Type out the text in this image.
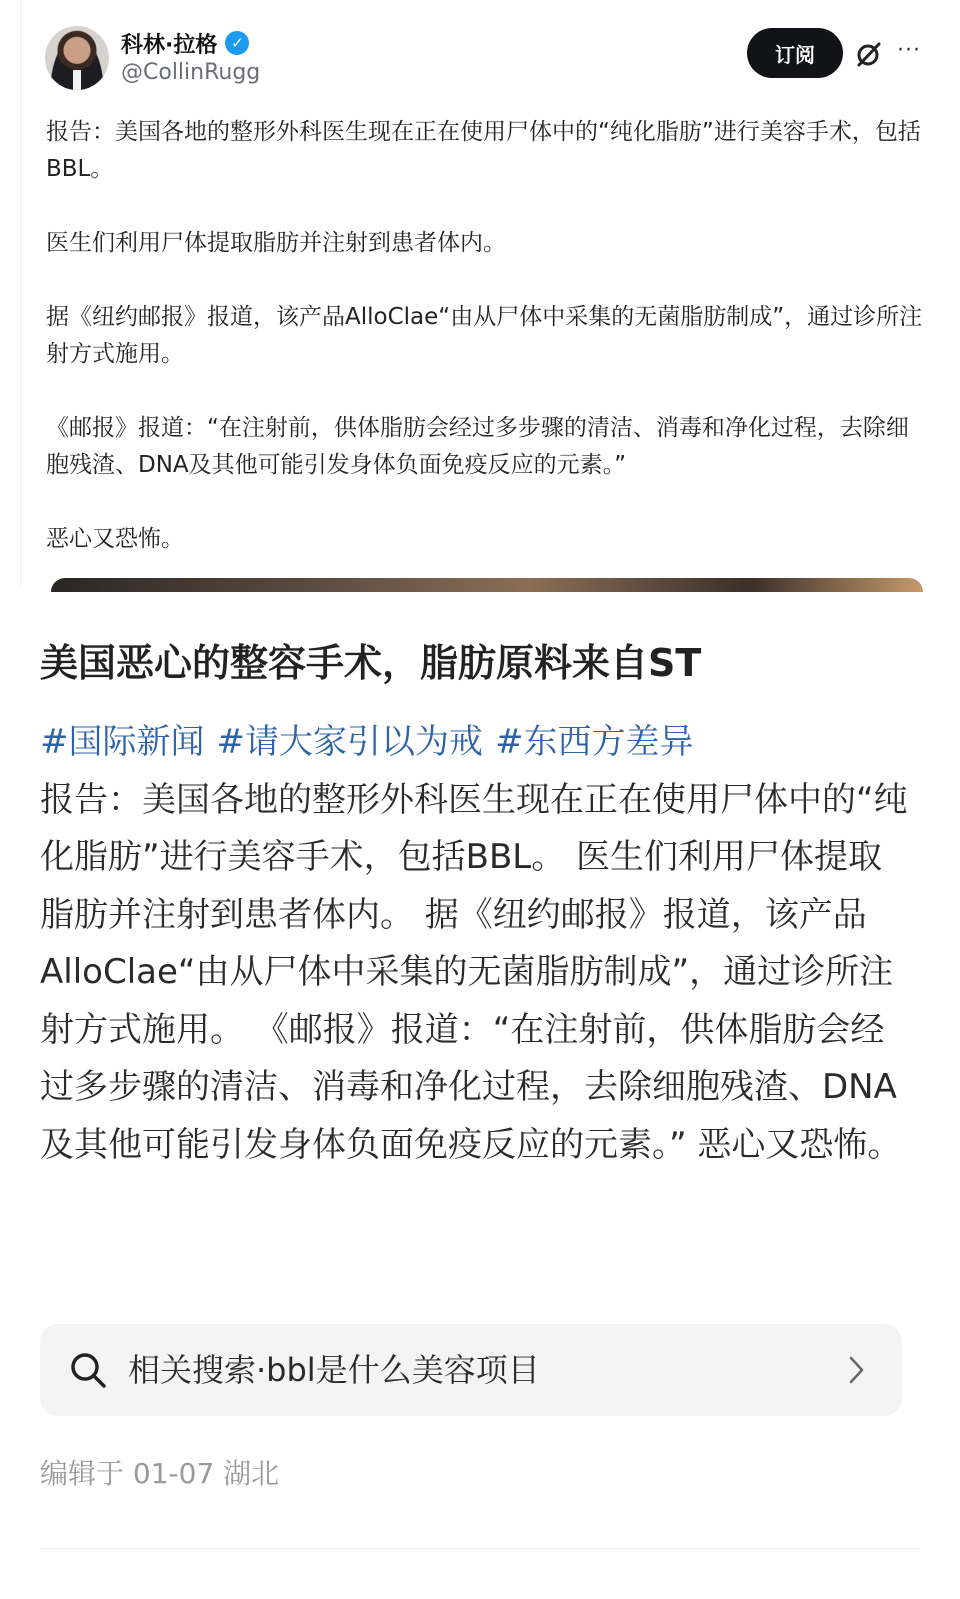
科林·拉格 ✓
@CollinRugg
订阅	···

报告：美国各地的整形外科医生现在正在使用尸体中的“纯化脂肪”进行美容手术，包括BBL。

医生们利用尸体提取脂肪并注射到患者体内。

据《纽约邮报》报道，该产品AlloClae“由从尸体中采集的无菌脂肪制成”，通过诊所注射方式施用。

《邮报》报道：“在注射前，供体脂肪会经过多步骤的清洁、消毒和净化过程，去除细胞残渣、DNA及其他可能引发身体负面免疫反应的元素。”

恶心又恐怖。

美国恶心的整容手术，脂肪原料来自ST
#国际新闻 #请大家引以为戒 #东西方差异
报告：美国各地的整形外科医生现在正在使用尸体中的“纯化脂肪”进行美容手术，包括BBL。 医生们利用尸体提取脂肪并注射到患者体内。 据《纽约邮报》报道，该产品AlloClae“由从尸体中采集的无菌脂肪制成”，通过诊所注射方式施用。 《邮报》报道：“在注射前，供体脂肪会经过多步骤的清洁、消毒和净化过程，去除细胞残渣、DNA及其他可能引发身体负面免疫反应的元素。” 恶心又恐怖。
相关搜索·bbl是什么美容项目
编辑于 01-07 湖北
